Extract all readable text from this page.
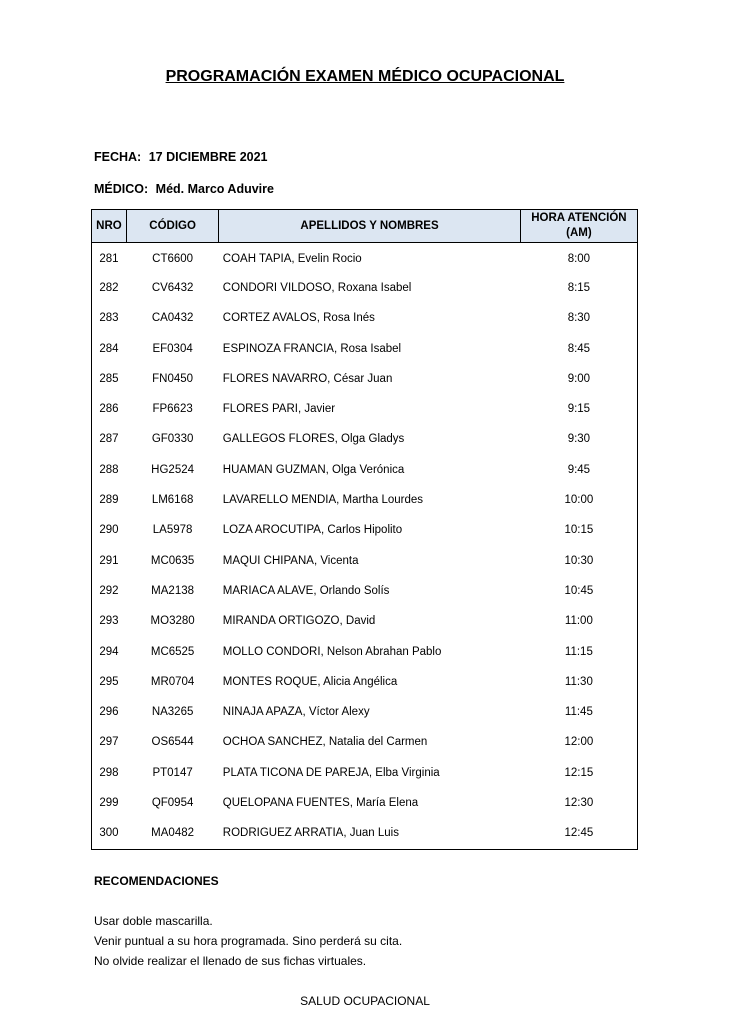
PROGRAMACIÓN EXAMEN MÉDICO OCUPACIONAL
FECHA: 17 DICIEMBRE 2021
MÉDICO: Méd. Marco Aduvire
NRO	CÓDIGO	APELLIDOS Y NOMBRES	HORA ATENCIÓN
(AM)

281	CT6600	COAH TAPIA, Evelin Rocio	8:00
282	CV6432	CONDORI VILDOSO, Roxana Isabel	8:15
283	CA0432	CORTEZ AVALOS, Rosa Inés	8:30
284	EF0304	ESPINOZA FRANCIA, Rosa Isabel	8:45
285	FN0450	FLORES NAVARRO, César Juan	9:00
286	FP6623	FLORES PARI, Javier	9:15
287	GF0330	GALLEGOS FLORES, Olga Gladys	9:30
288	HG2524	HUAMAN GUZMAN, Olga Verónica	9:45
289	LM6168	LAVARELLO MENDIA, Martha Lourdes	10:00
290	LA5978	LOZA AROCUTIPA, Carlos Hipolito	10:15
291	MC0635	MAQUI CHIPANA, Vicenta	10:30
292	MA2138	MARIACA ALAVE, Orlando Solís	10:45
293	MO3280	MIRANDA ORTIGOZO, David	11:00
294	MC6525	MOLLO CONDORI, Nelson Abrahan Pablo	11:15
295	MR0704	MONTES ROQUE, Alicia Angélica	11:30
296	NA3265	NINAJA APAZA, Víctor Alexy	11:45
297	OS6544	OCHOA SANCHEZ, Natalia del Carmen	12:00
298	PT0147	PLATA TICONA DE PAREJA, Elba Virginia	12:15
299	QF0954	QUELOPANA FUENTES, María Elena	12:30
300	MA0482	RODRIGUEZ ARRATIA, Juan Luis	12:45
RECOMENDACIONES
Usar doble mascarilla.
Venir puntual a su hora programada. Sino perderá su cita.
No olvide realizar el llenado de sus fichas virtuales.
SALUD OCUPACIONAL
